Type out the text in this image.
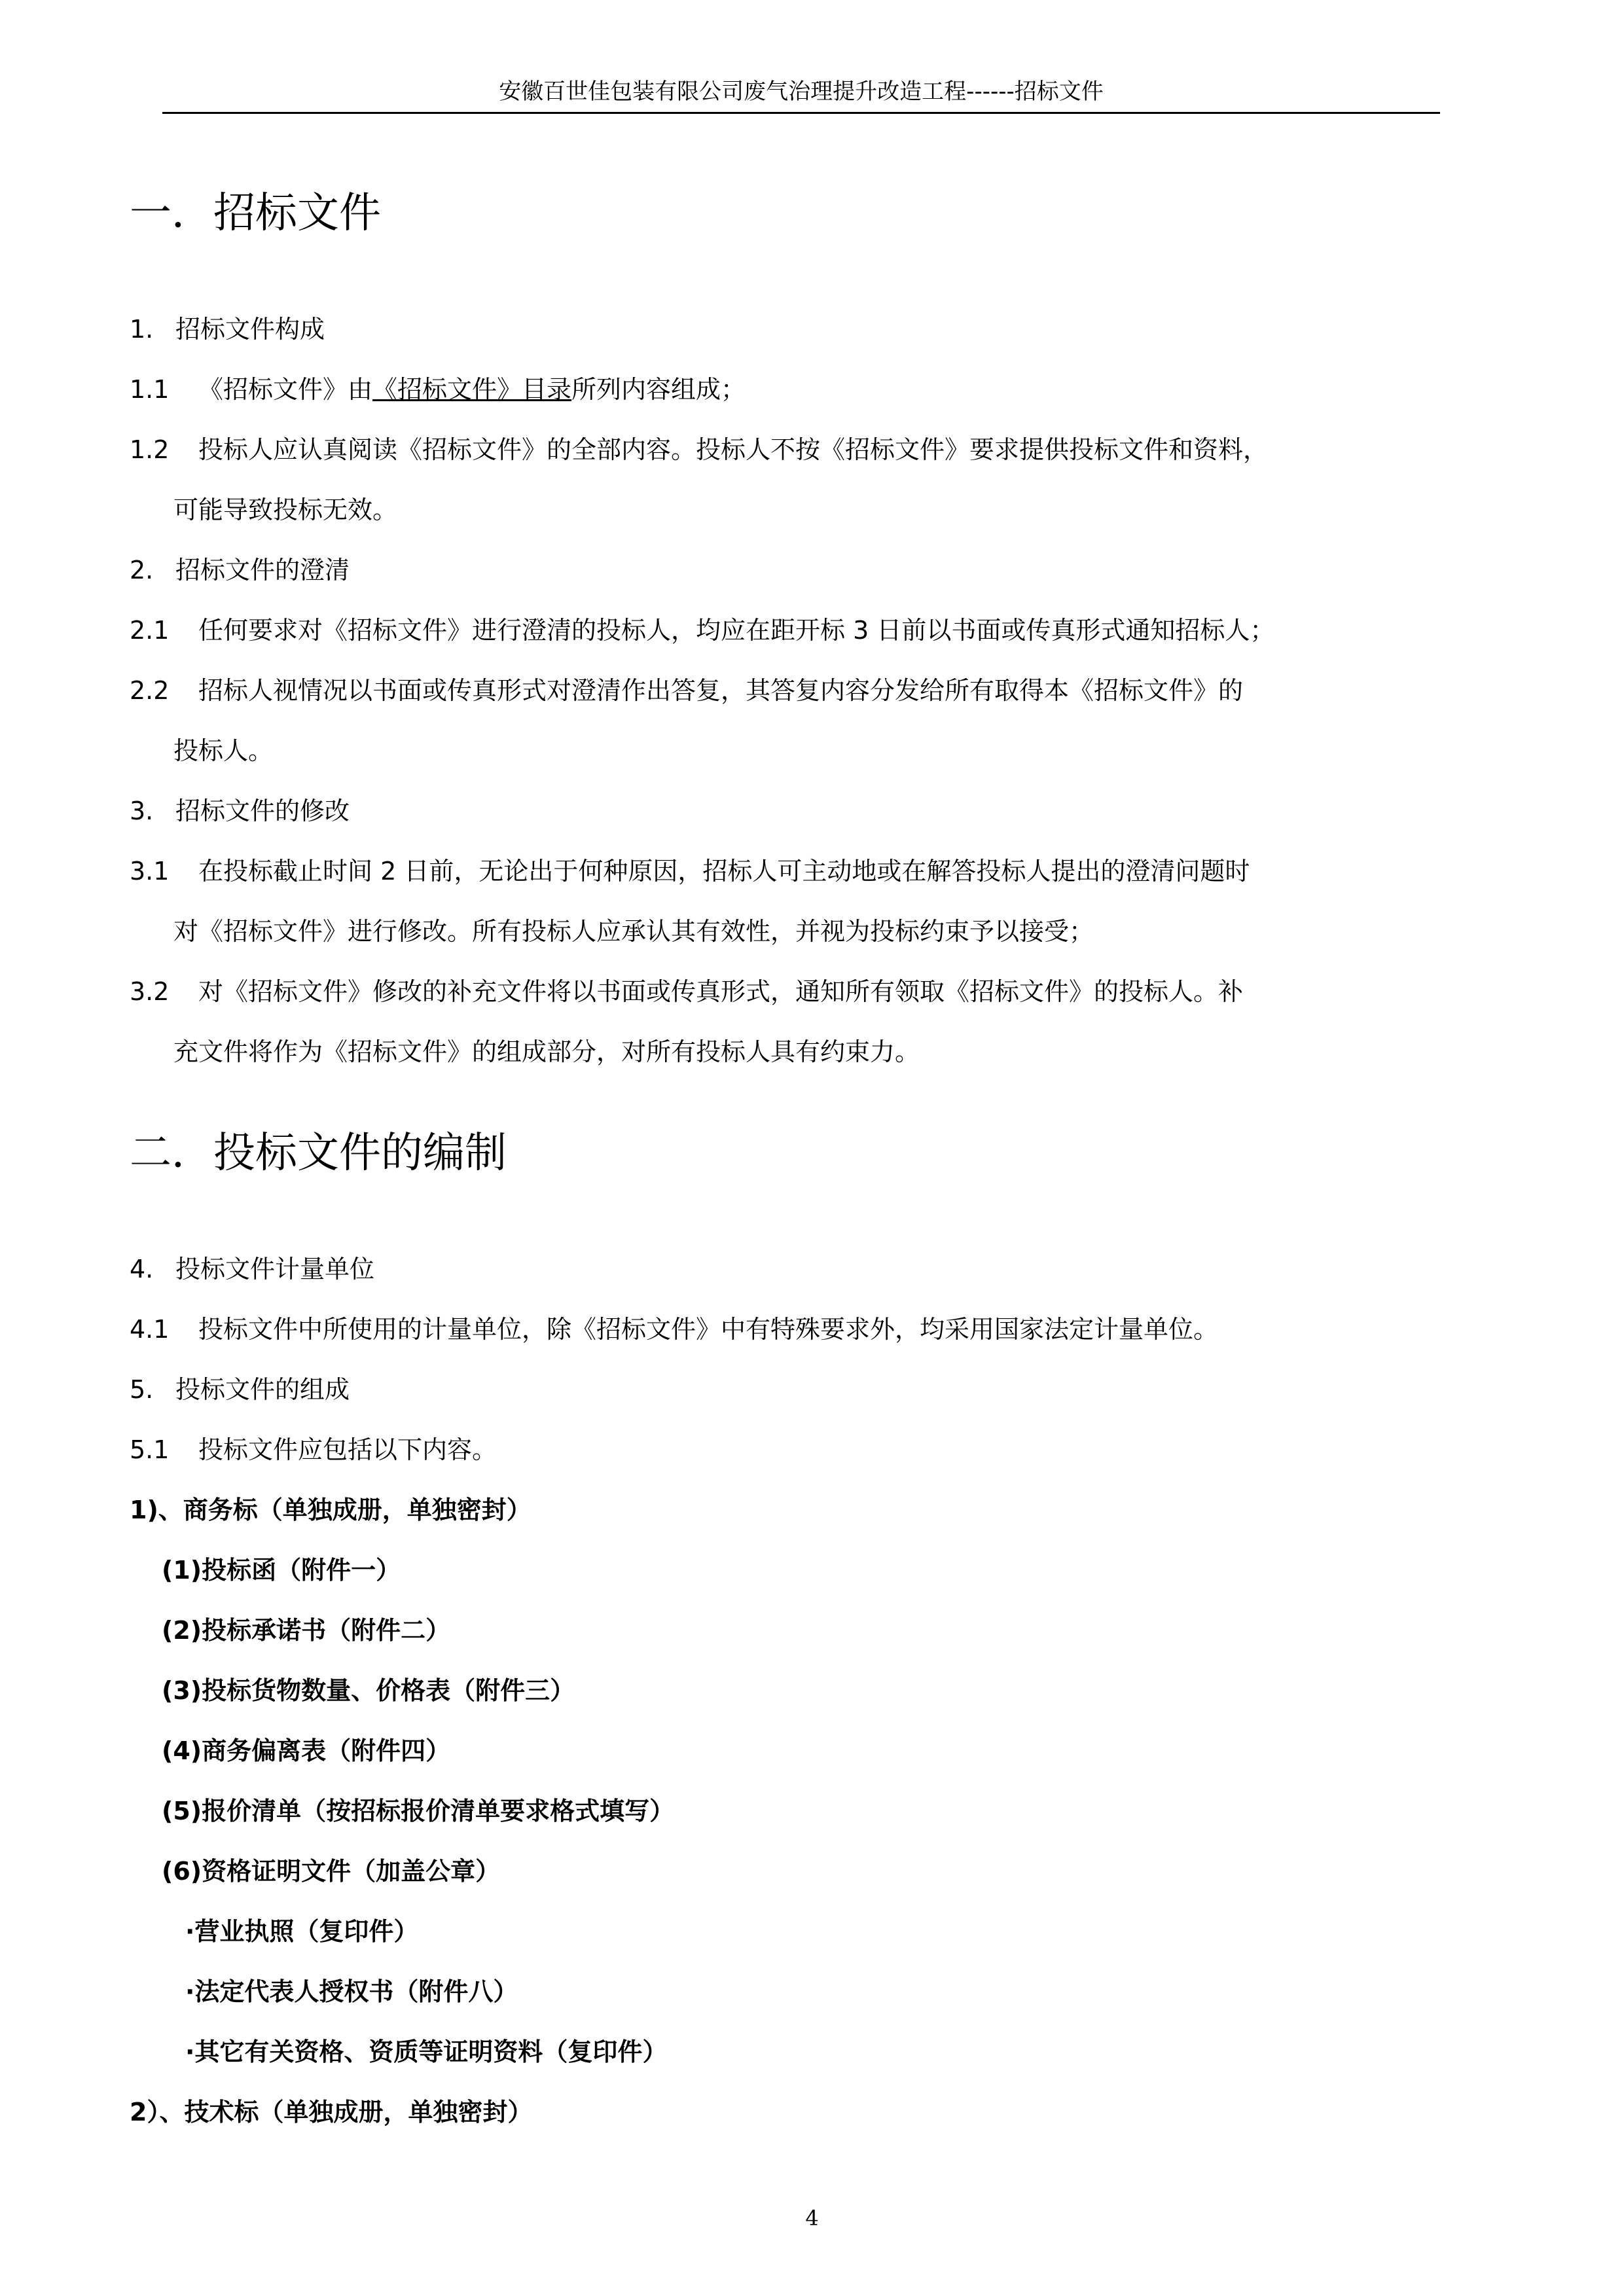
安徽百世佳包装有限公司废气治理提升改造工程------招标文件
一．招标文件
1. 招标文件构成
1.1 《招标文件》由《招标文件》目录所列内容组成；
1.2 投标人应认真阅读《招标文件》的全部内容。投标人不按《招标文件》要求提供投标文件和资料，
可能导致投标无效。
2. 招标文件的澄清
2.1 任何要求对《招标文件》进行澄清的投标人，均应在距开标 3 日前以书面或传真形式通知招标人；
2.2 招标人视情况以书面或传真形式对澄清作出答复，其答复内容分发给所有取得本《招标文件》的
投标人。
3. 招标文件的修改
3.1 在投标截止时间 2 日前，无论出于何种原因，招标人可主动地或在解答投标人提出的澄清问题时
对《招标文件》进行修改。所有投标人应承认其有效性，并视为投标约束予以接受；
3.2 对《招标文件》修改的补充文件将以书面或传真形式，通知所有领取《招标文件》的投标人。补
充文件将作为《招标文件》的组成部分，对所有投标人具有约束力。
二．投标文件的编制
4. 投标文件计量单位
4.1 投标文件中所使用的计量单位，除《招标文件》中有特殊要求外，均采用国家法定计量单位。
5. 投标文件的组成
5.1 投标文件应包括以下内容。
1)、商务标（单独成册，单独密封）
(1)投标函（附件一）
(2)投标承诺书（附件二）
(3)投标货物数量、价格表（附件三）
(4)商务偏离表（附件四）
(5)报价清单（按招标报价清单要求格式填写）
(6)资格证明文件（加盖公章）
·营业执照（复印件）
·法定代表人授权书（附件八）
·其它有关资格、资质等证明资料（复印件）
2）、技术标（单独成册，单独密封）
4
